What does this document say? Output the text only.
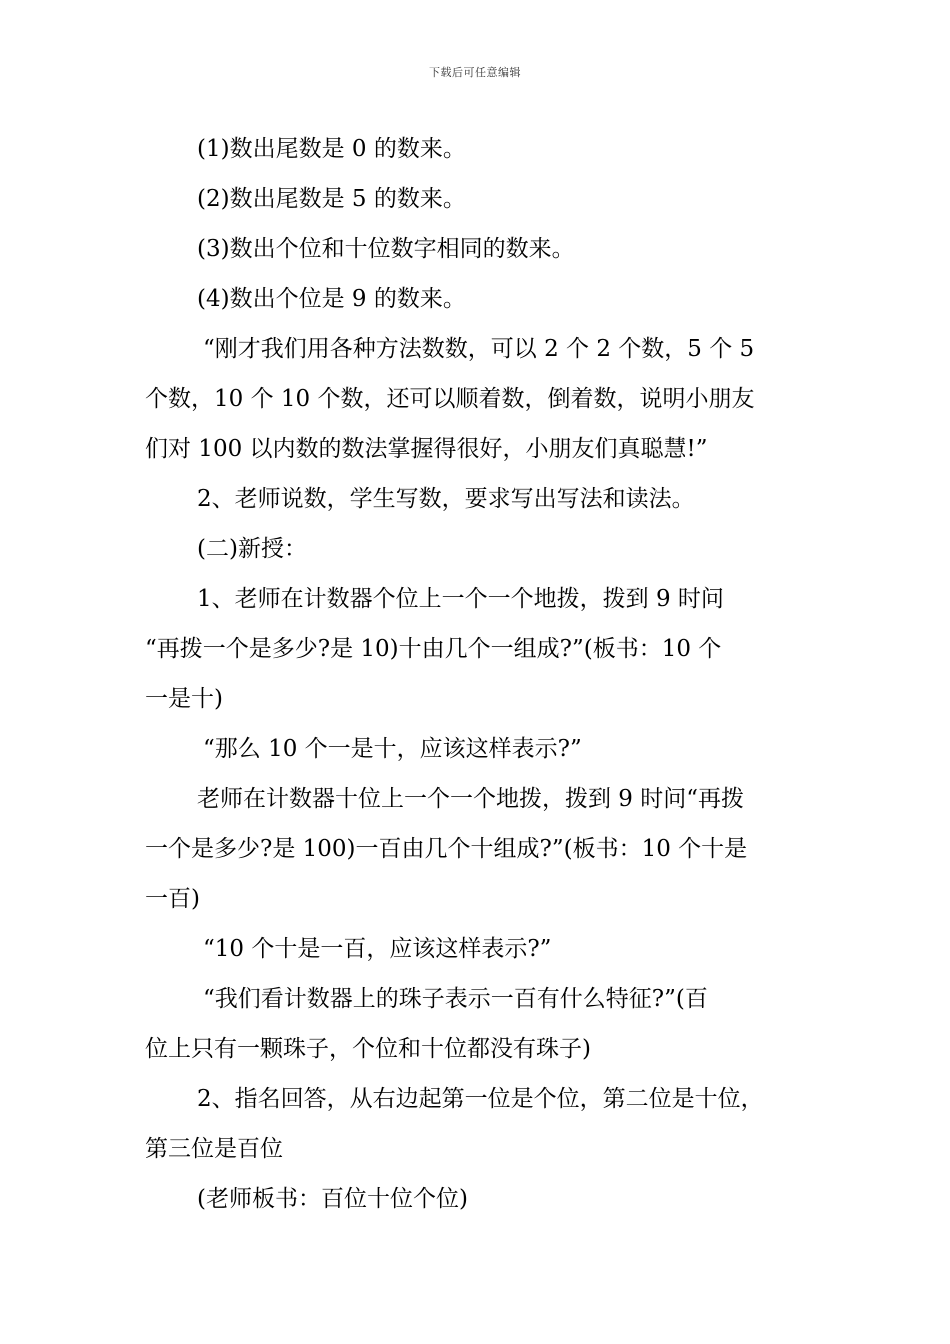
下载后可任意编辑
(1)数出尾数是 0 的数来。
(2)数出尾数是 5 的数来。
(3)数出个位和十位数字相同的数来。
(4)数出个位是 9 的数来。
“刚才我们用各种方法数数，可以 2 个 2 个数，5 个 5
个数，10 个 10 个数，还可以顺着数，倒着数，说明小朋友
们对 100 以内数的数法掌握得很好，小朋友们真聪慧!”
2、老师说数，学生写数，要求写出写法和读法。
(二)新授：
1、老师在计数器个位上一个一个地拨，拨到 9 时问
“再拨一个是多少?是 10)十由几个一组成?”(板书：10 个
一是十)
“那么 10 个一是十，应该这样表示?”
老师在计数器十位上一个一个地拨，拨到 9 时问“再拨
一个是多少?是 100)一百由几个十组成?”(板书：10 个十是
一百)
“10 个十是一百，应该这样表示?”
“我们看计数器上的珠子表示一百有什么特征?”(百
位上只有一颗珠子，个位和十位都没有珠子)
2、指名回答，从右边起第一位是个位，第二位是十位，
第三位是百位
(老师板书：百位十位个位)
